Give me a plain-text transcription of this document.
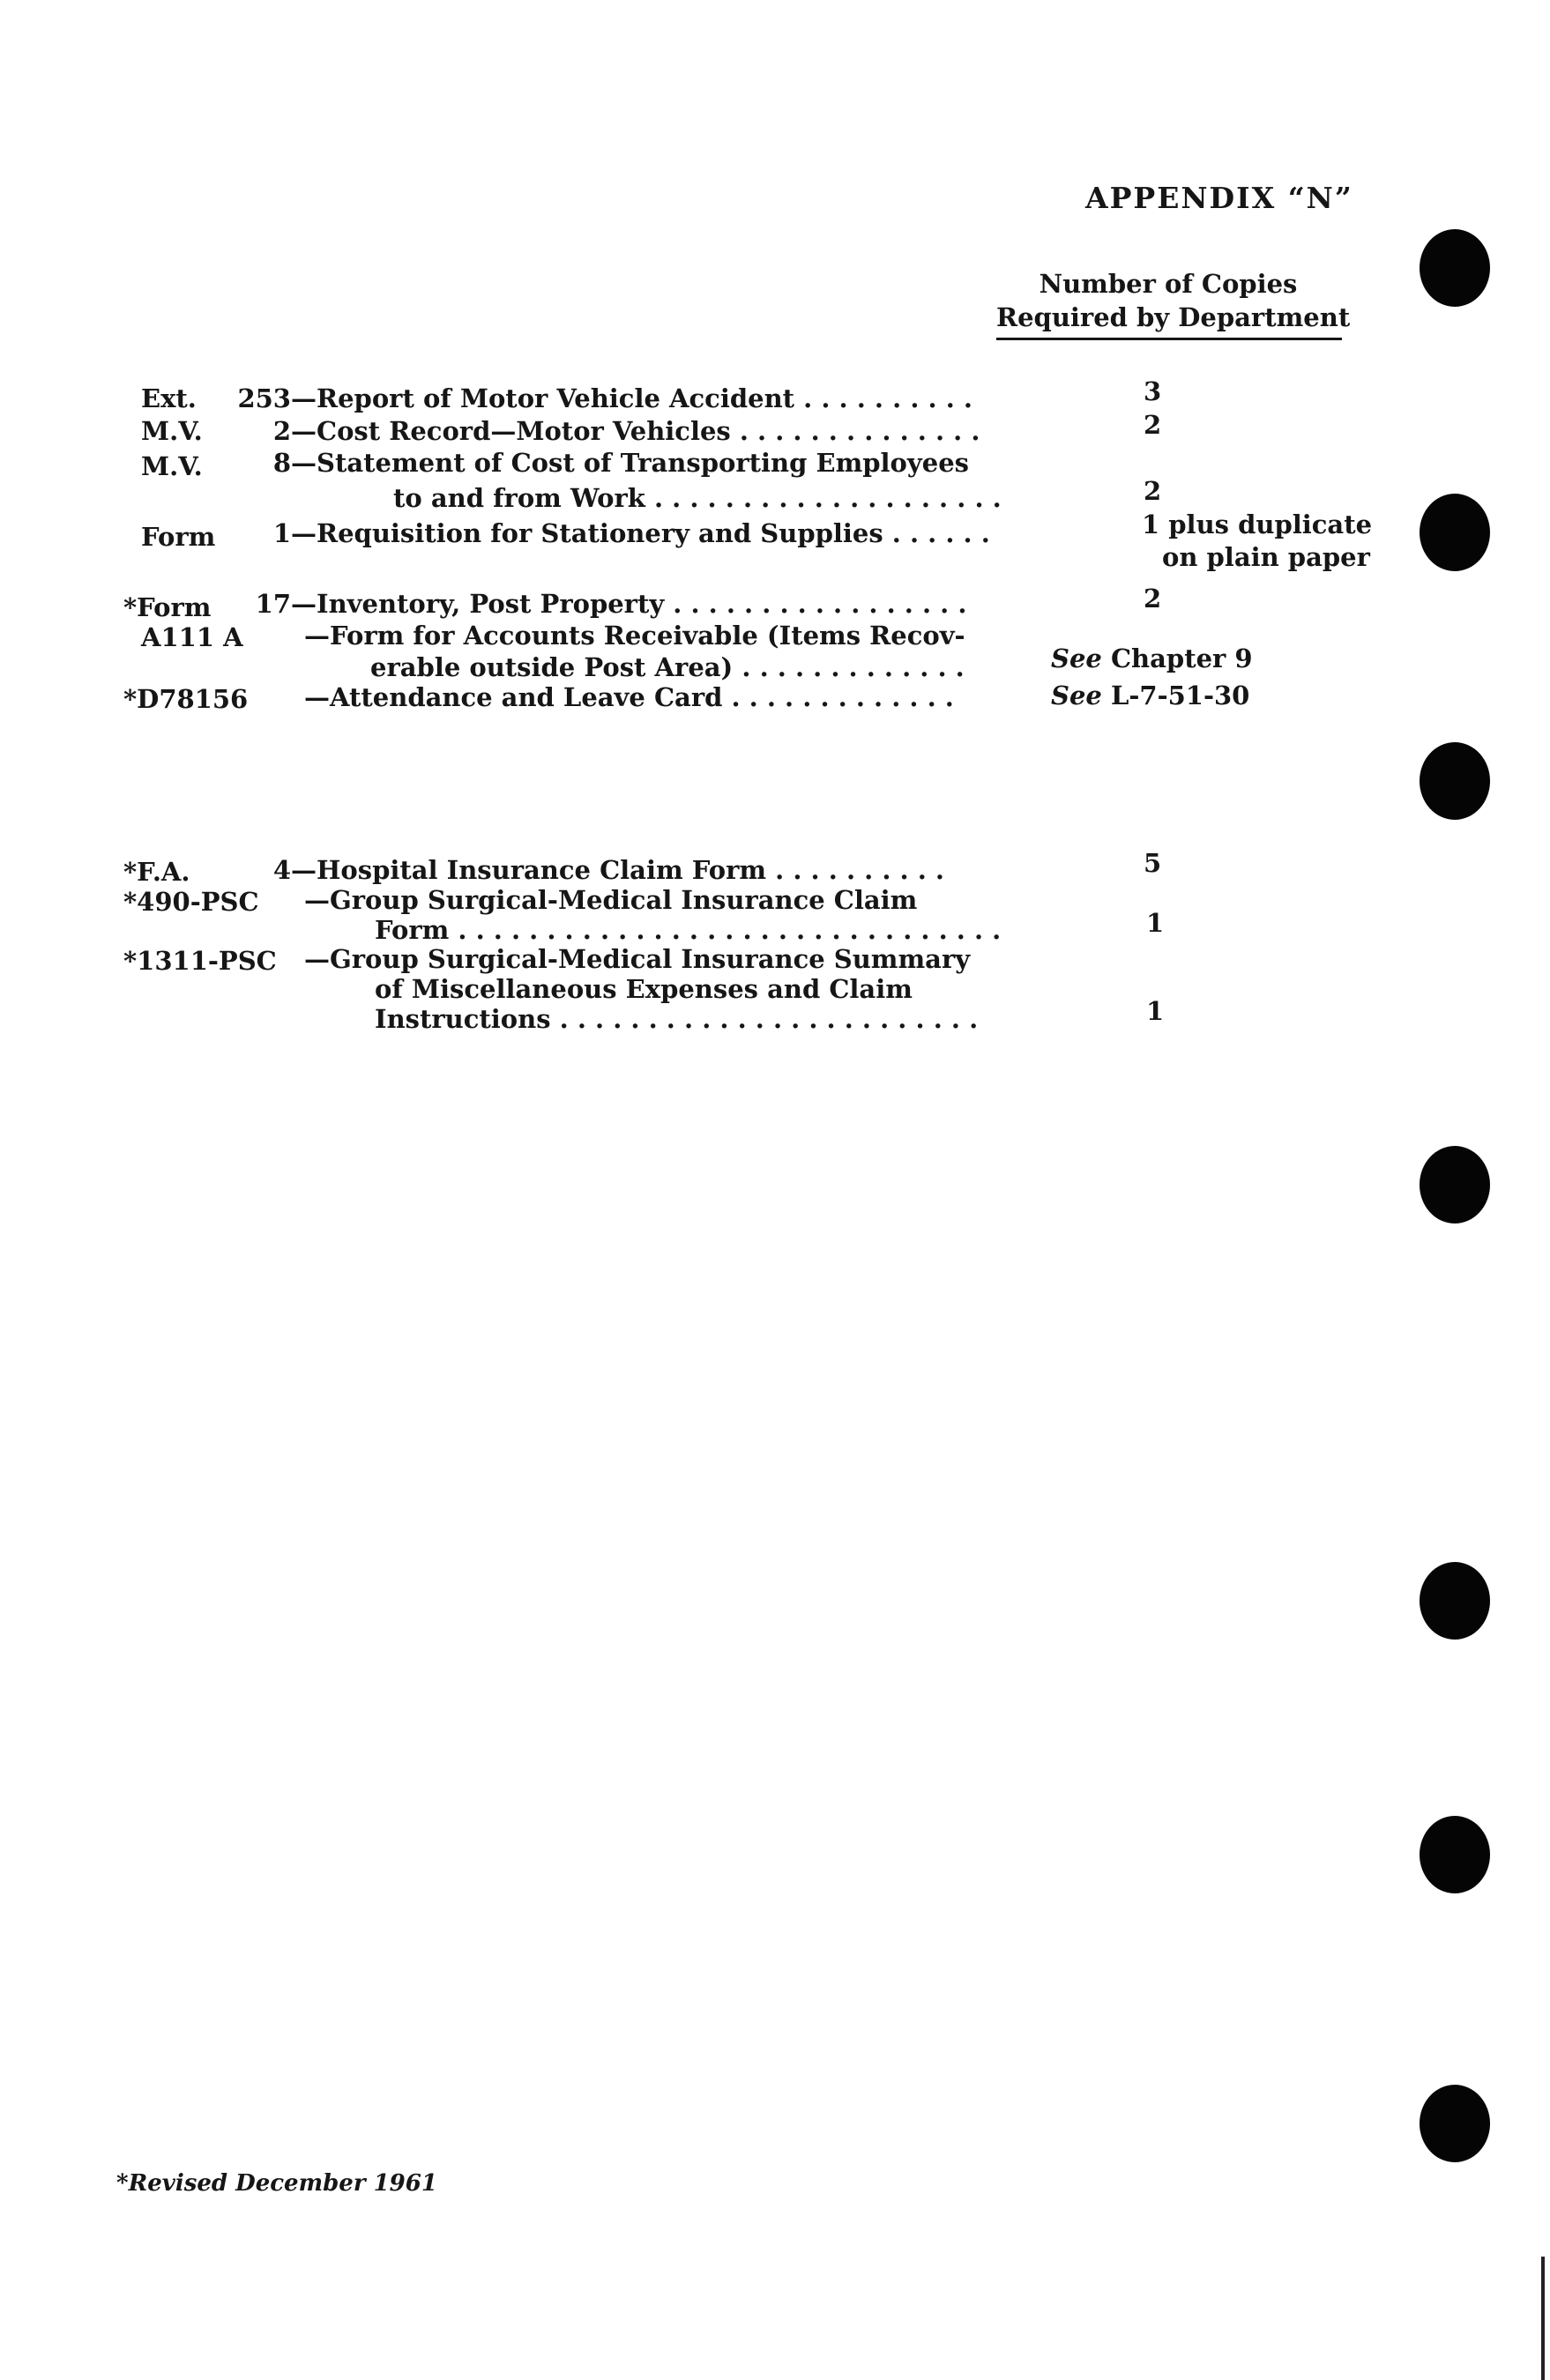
APPENDIX “N”
Number of Copies
Required by Department
Ext.	253 —Report of Motor Vehicle Accident . . . . . . . . . .	3
M.V.	2 —Cost Record—Motor Vehicles . . . . . . . . . . . . . .	2
M.V.	8 —Statement of Cost of Transporting Employees
to and from Work . . . . . . . . . . . . . . . . . . . .	2
Form	1 —Requisition for Stationery and Supplies . . . . . .	1 plus duplicate
on plain paper
*Form	17 —Inventory, Post Property . . . . . . . . . . . . . . . . .	2
A111 A —Form for Accounts Receivable (Items Recov-
erable outside Post Area) . . . . . . . . . . . . .	See Chapter 9
*D78156 —Attendance and Leave Card . . . . . . . . . . . . .	See L-7-51-30
*F.A.	4 —Hospital Insurance Claim Form . . . . . . . . . .	5
*490-PSC —Group Surgical-Medical Insurance Claim
Form . . . . . . . . . . . . . . . . . . . . . . . . . . . . . . .	1
*1311-PSC —Group Surgical-Medical Insurance Summary
of Miscellaneous Expenses and Claim
Instructions . . . . . . . . . . . . . . . . . . . . . . . .	1
*Revised December 1961
